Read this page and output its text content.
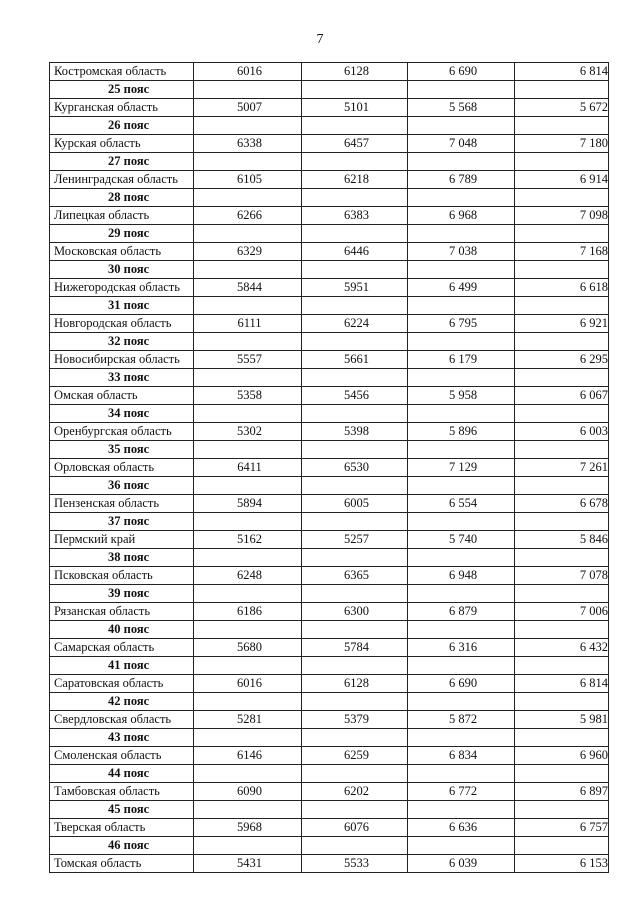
7
Костромская область	6016	6128	6 690	6 814
25 пояс				
Курганская область	5007	5101	5 568	5 672
26 пояс				
Курская область	6338	6457	7 048	7 180
27 пояс				
Ленинградская область	6105	6218	6 789	6 914
28 пояс				
Липецкая область	6266	6383	6 968	7 098
29 пояс				
Московская область	6329	6446	7 038	7 168
30 пояс				
Нижегородская область	5844	5951	6 499	6 618
31 пояс				
Новгородская область	6111	6224	6 795	6 921
32 пояс				
Новосибирская область	5557	5661	6 179	6 295
33 пояс				
Омская область	5358	5456	5 958	6 067
34 пояс				
Оренбургская область	5302	5398	5 896	6 003
35 пояс				
Орловская область	6411	6530	7 129	7 261
36 пояс				
Пензенская область	5894	6005	6 554	6 678
37 пояс				
Пермский край	5162	5257	5 740	5 846
38 пояс				
Псковская область	6248	6365	6 948	7 078
39 пояс				
Рязанская область	6186	6300	6 879	7 006
40 пояс				
Самарская область	5680	5784	6 316	6 432
41 пояс				
Саратовская область	6016	6128	6 690	6 814
42 пояс				
Свердловская область	5281	5379	5 872	5 981
43 пояс				
Смоленская область	6146	6259	6 834	6 960
44 пояс				
Тамбовская область	6090	6202	6 772	6 897
45 пояс				
Тверская область	5968	6076	6 636	6 757
46 пояс				
Томская область	5431	5533	6 039	6 153
